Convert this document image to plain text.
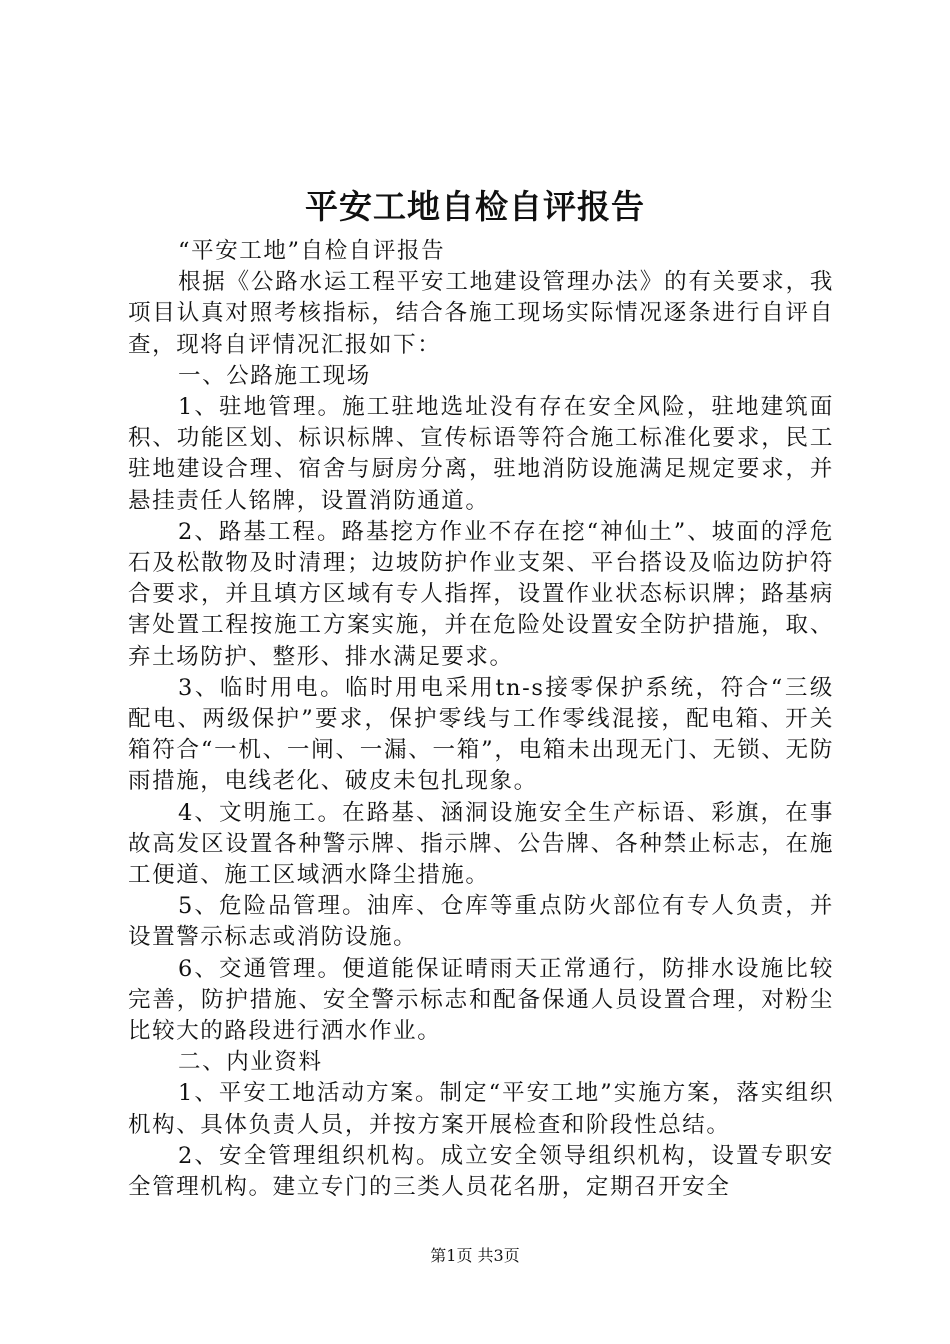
平安工地自检自评报告

“平安工地”自检自评报告

根据《公路水运工程平安工地建设管理办法》的有关要求，我项目认真对照考核指标，结合各施工现场实际情况逐条进行自评自查，现将自评情况汇报如下：

一、公路施工现场

1、驻地管理。施工驻地选址没有存在安全风险，驻地建筑面积、功能区划、标识标牌、宣传标语等符合施工标准化要求，民工驻地建设合理、宿舍与厨房分离，驻地消防设施满足规定要求，并悬挂责任人铭牌，设置消防通道。

2、路基工程。路基挖方作业不存在挖“神仙土”、坡面的浮危石及松散物及时清理；边坡防护作业支架、平台搭设及临边防护符合要求，并且填方区域有专人指挥，设置作业状态标识牌；路基病害处置工程按施工方案实施，并在危险处设置安全防护措施，取、弃土场防护、整形、排水满足要求。

3、临时用电。临时用电采用tn-s接零保护系统，符合“三级配电、两级保护”要求，保护零线与工作零线混接，配电箱、开关箱符合“一机、一闸、一漏、一箱”，电箱未出现无门、无锁、无防雨措施，电线老化、破皮未包扎现象。

4、文明施工。在路基、涵洞设施安全生产标语、彩旗，在事故高发区设置各种警示牌、指示牌、公告牌、各种禁止标志，在施工便道、施工区域洒水降尘措施。

5、危险品管理。油库、仓库等重点防火部位有专人负责，并设置警示标志或消防设施。

6、交通管理。便道能保证晴雨天正常通行，防排水设施比较完善，防护措施、安全警示标志和配备保通人员设置合理，对粉尘比较大的路段进行洒水作业。

二、内业资料

1、平安工地活动方案。制定“平安工地”实施方案，落实组织机构、具体负责人员，并按方案开展检查和阶段性总结。

2、安全管理组织机构。成立安全领导组织机构，设置专职安全管理机构。建立专门的三类人员花名册，定期召开安全

第1页 共3页
